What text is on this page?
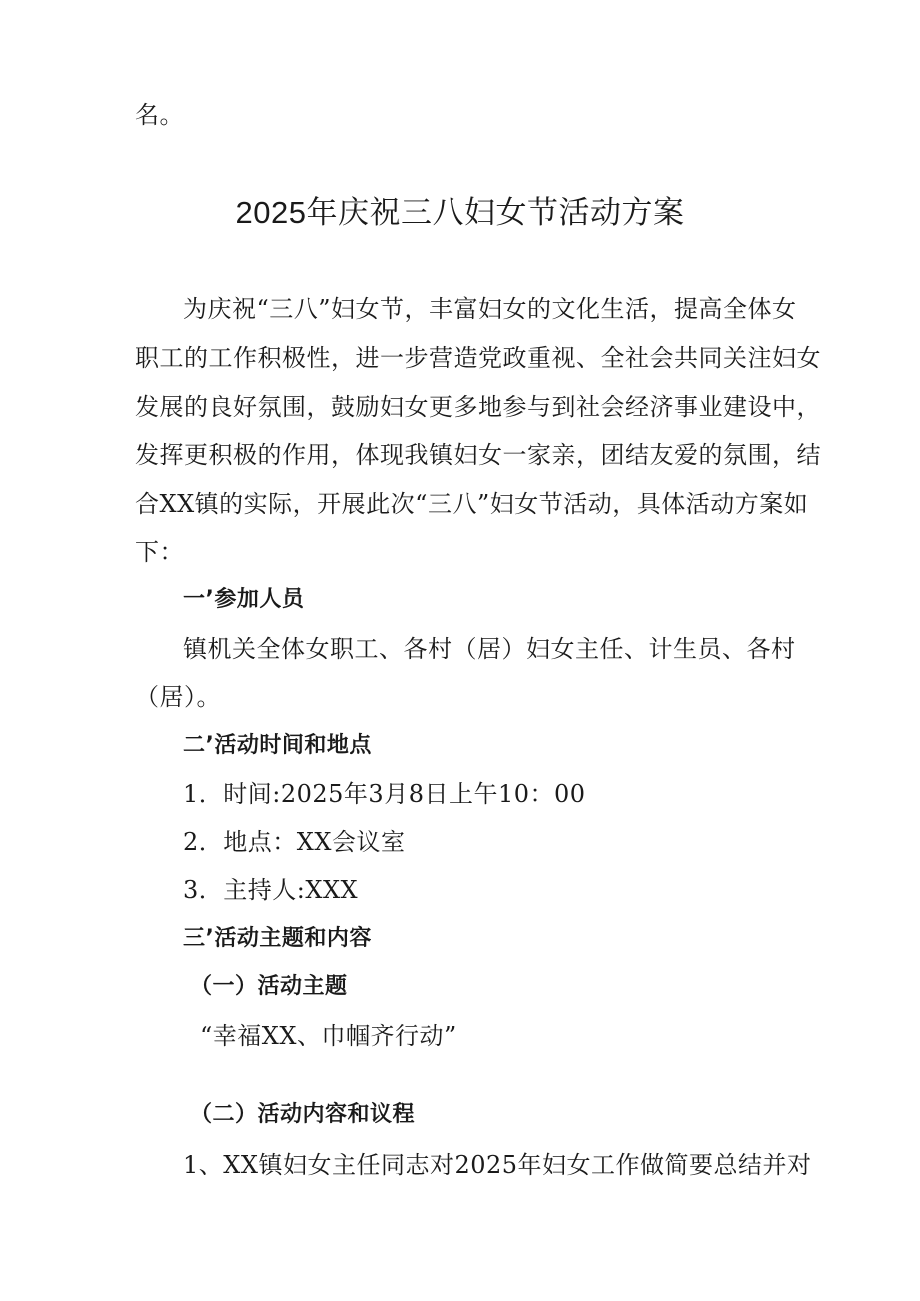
名。
2025年庆祝三八妇女节活动方案
为庆祝“三八”妇女节，丰富妇女的文化生活，提高全体女
职工的工作积极性，进一步营造党政重视、全社会共同关注妇女
发展的良好氛围，鼓励妇女更多地参与到社会经济事业建设中，
发挥更积极的作用，体现我镇妇女一家亲，团结友爱的氛围，结
合XX镇的实际，开展此次“三八”妇女节活动，具体活动方案如
下：
一’参加人员
镇机关全体女职工、各村（居）妇女主任、计生员、各村
（居）。
二’活动时间和地点
1．时间:2025年3月8日上午10：00
2．地点：XX会议室
3．主持人:XXX
三’活动主题和内容
（一）活动主题
“幸福XX、巾帼齐行动”
（二）活动内容和议程
1、XX镇妇女主任同志对2025年妇女工作做简要总结并对
